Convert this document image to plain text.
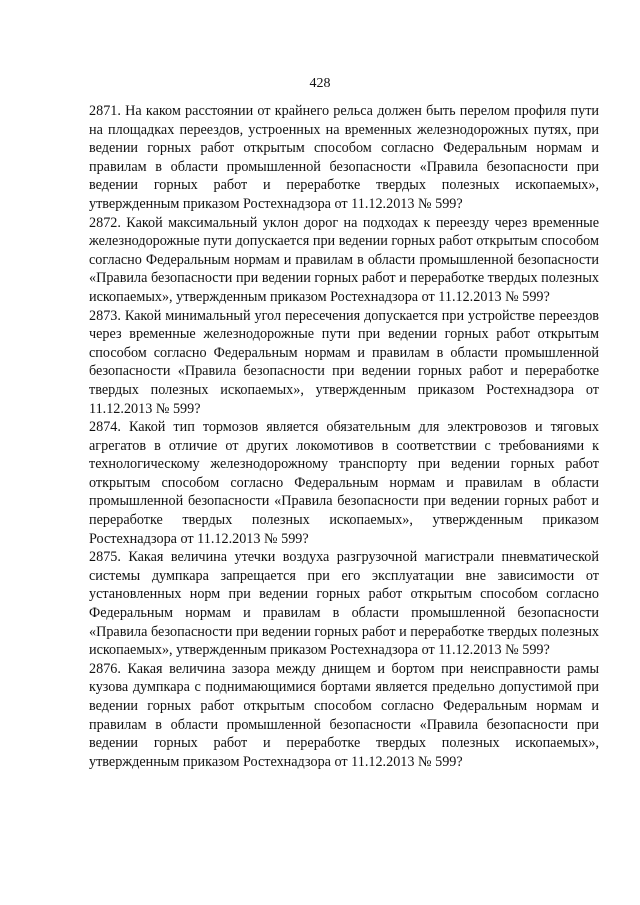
428

2871. На каком расстоянии от крайнего рельса должен быть перелом профиля пути на площадках переездов, устроенных на временных железнодорожных путях, при ведении горных работ открытым способом согласно Федеральным нормам и правилам в области промышленной безопасности «Правила безопасности при ведении горных работ и переработке твердых полезных ископаемых», утвержденным приказом Ростехнадзора от 11.12.2013 № 599?

2872. Какой максимальный уклон дорог на подходах к переезду через временные железнодорожные пути допускается при ведении горных работ открытым способом согласно Федеральным нормам и правилам в области промышленной безопасности «Правила безопасности при ведении горных работ и переработке твердых полезных ископаемых», утвержденным приказом Ростехнадзора от 11.12.2013 № 599?

2873. Какой минимальный угол пересечения допускается при устройстве переездов через временные железнодорожные пути при ведении горных работ открытым способом согласно Федеральным нормам и правилам в области промышленной безопасности «Правила безопасности при ведении горных работ и переработке твердых полезных ископаемых», утвержденным приказом Ростехнадзора от 11.12.2013 № 599?

2874. Какой тип тормозов является обязательным для электровозов и тяговых агрегатов в отличие от других локомотивов в соответствии с требованиями к технологическому железнодорожному транспорту при ведении горных работ открытым способом согласно Федеральным нормам и правилам в области промышленной безопасности «Правила безопасности при ведении горных работ и переработке твердых полезных ископаемых», утвержденным приказом Ростехнадзора от 11.12.2013 № 599?

2875. Какая величина утечки воздуха разгрузочной магистрали пневматической системы думпкара запрещается при его эксплуатации вне зависимости от установленных норм при ведении горных работ открытым способом согласно Федеральным нормам и правилам в области промышленной безопасности «Правила безопасности при ведении горных работ и переработке твердых полезных ископаемых», утвержденным приказом Ростехнадзора от 11.12.2013 № 599?

2876. Какая величина зазора между днищем и бортом при неисправности рамы кузова думпкара с поднимающимися бортами является предельно допустимой при ведении горных работ открытым способом согласно Федеральным нормам и правилам в области промышленной безопасности «Правила безопасности при ведении горных работ и переработке твердых полезных ископаемых», утвержденным приказом Ростехнадзора от 11.12.2013 № 599?
